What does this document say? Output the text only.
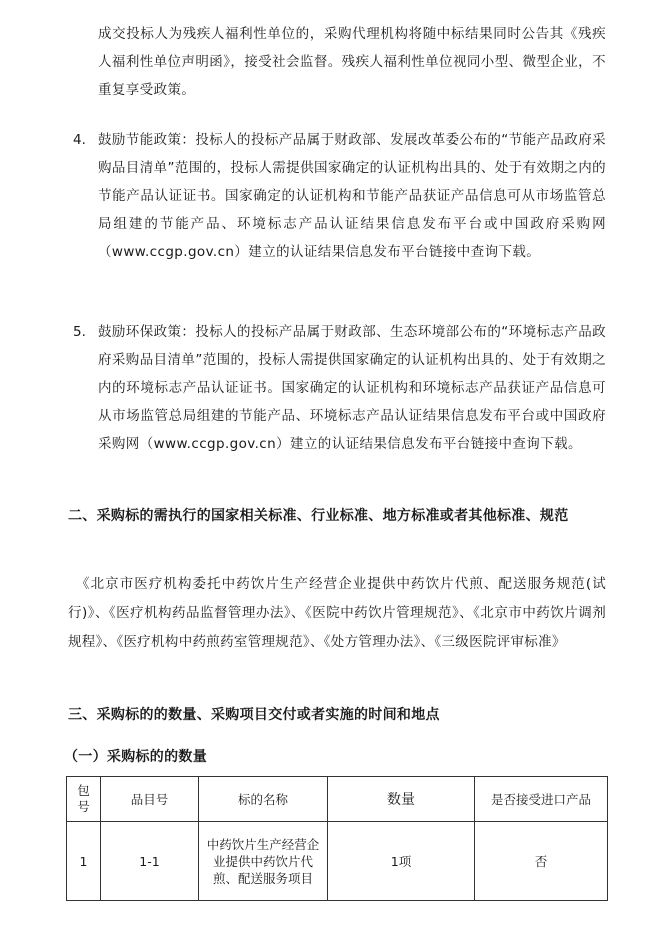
成交投标人为残疾人福利性单位的，采购代理机构将随中标结果同时公告其《残疾人福利性单位声明函》，接受社会监督。残疾人福利性单位视同小型、微型企业，不重复享受政策。
4. 鼓励节能政策：投标人的投标产品属于财政部、发展改革委公布的“节能产品政府采购品目清单”范围的，投标人需提供国家确定的认证机构出具的、处于有效期之内的节能产品认证证书。国家确定的认证机构和节能产品获证产品信息可从市场监管总局组建的节能产品、环境标志产品认证结果信息发布平台或中国政府采购网（www.ccgp.gov.cn）建立的认证结果信息发布平台链接中查询下载。
5. 鼓励环保政策：投标人的投标产品属于财政部、生态环境部公布的“环境标志产品政府采购品目清单”范围的，投标人需提供国家确定的认证机构出具的、处于有效期之内的环境标志产品认证证书。国家确定的认证机构和环境标志产品获证产品信息可从市场监管总局组建的节能产品、环境标志产品认证结果信息发布平台或中国政府采购网（www.ccgp.gov.cn）建立的认证结果信息发布平台链接中查询下载。
二、采购标的需执行的国家相关标准、行业标准、地方标准或者其他标准、规范
《北京市医疗机构委托中药饮片生产经营企业提供中药饮片代煎、配送服务规范(试行)》、《医疗机构药品监督管理办法》、《医院中药饮片管理规范》、《北京市中药饮片调剂规程》、《医疗机构中药煎药室管理规范》、《处方管理办法》、《三级医院评审标准》
三、采购标的的数量、采购项目交付或者实施的时间和地点
（一）采购标的的数量
包号	品目号	标的名称	数量	是否接受进口产品
1	1-1	中药饮片生产经营企业提供中药饮片代煎、配送服务项目	1项	否
